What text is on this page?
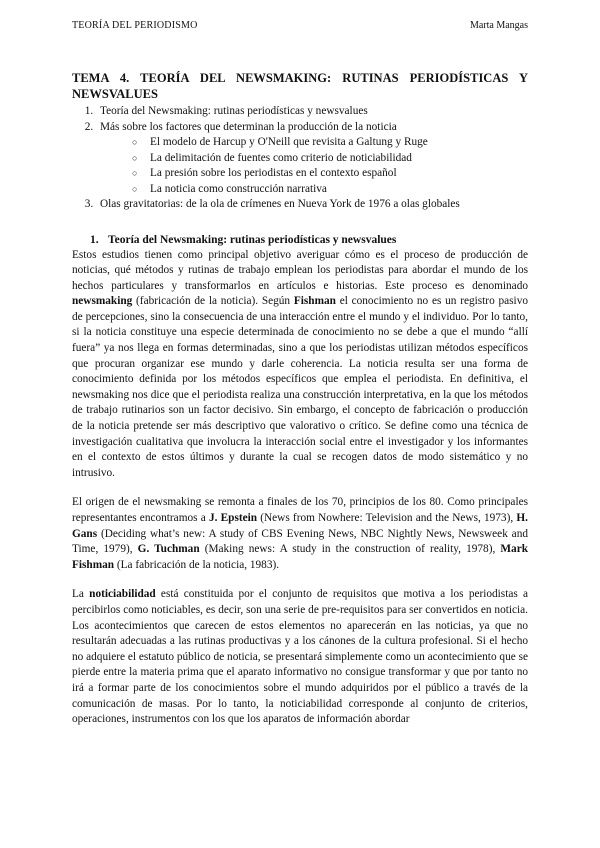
TEORÍA DEL PERIODISMO	Marta Mangas
TEMA 4. TEORÍA DEL NEWSMAKING: RUTINAS PERIODÍSTICAS Y NEWSVALUES
1. Teoría del Newsmaking: rutinas periodísticas y newsvalues
2. Más sobre los factores que determinan la producción de la noticia
○ El modelo de Harcup y O'Neill que revisita a Galtung y Ruge
○ La delimitación de fuentes como criterio de noticiabilidad
○ La presión sobre los periodistas en el contexto español
○ La noticia como construcción narrativa
3. Olas gravitatorias: de la ola de crímenes en Nueva York de 1976 a olas globales
1. Teoría del Newsmaking: rutinas periodísticas y newsvalues

Estos estudios tienen como principal objetivo averiguar cómo es el proceso de producción de noticias, qué métodos y rutinas de trabajo emplean los periodistas para abordar el mundo de los hechos particulares y transformarlos en artículos e historias. Este proceso es denominado newsmaking (fabricación de la noticia). Según Fishman el conocimiento no es un registro pasivo de percepciones, sino la consecuencia de una interacción entre el mundo y el individuo. Por lo tanto, si la noticia constituye una especie determinada de conocimiento no se debe a que el mundo “allí fuera” ya nos llega en formas determinadas, sino a que los periodistas utilizan métodos específicos que procuran organizar ese mundo y darle coherencia. La noticia resulta ser una forma de conocimiento definida por los métodos específicos que emplea el periodista. En definitiva, el newsmaking nos dice que el periodista realiza una construcción interpretativa, en la que los métodos de trabajo rutinarios son un factor decisivo. Sin embargo, el concepto de fabricación o producción de la noticia pretende ser más descriptivo que valorativo o crítico. Se define como una técnica de investigación cualitativa que involucra la interacción social entre el investigador y los informantes en el contexto de estos últimos y durante la cual se recogen datos de modo sistemático y no intrusivo.

El origen de el newsmaking se remonta a finales de los 70, principios de los 80. Como principales representantes encontramos a J. Epstein (News from Nowhere: Television and the News, 1973), H. Gans (Deciding what’s new: A study of CBS Evening News, NBC Nightly News, Newsweek and Time, 1979), G. Tuchman (Making news: A study in the construction of reality, 1978), Mark Fishman (La fabricación de la noticia, 1983).

La noticiabilidad está constituida por el conjunto de requisitos que motiva a los periodistas a percibirlos como noticiables, es decir, son una serie de pre-requisitos para ser convertidos en noticia. Los acontecimientos que carecen de estos elementos no aparecerán en las noticias, ya que no resultarán adecuadas a las rutinas productivas y a los cánones de la cultura profesional. Si el hecho no adquiere el estatuto público de noticia, se presentará simplemente como un acontecimiento que se pierde entre la materia prima que el aparato informativo no consigue transformar y que por tanto no irá a formar parte de los conocimientos sobre el mundo adquiridos por el público a través de la comunicación de masas. Por lo tanto, la noticiabilidad corresponde al conjunto de criterios, operaciones, instrumentos con los que los aparatos de información abordar
